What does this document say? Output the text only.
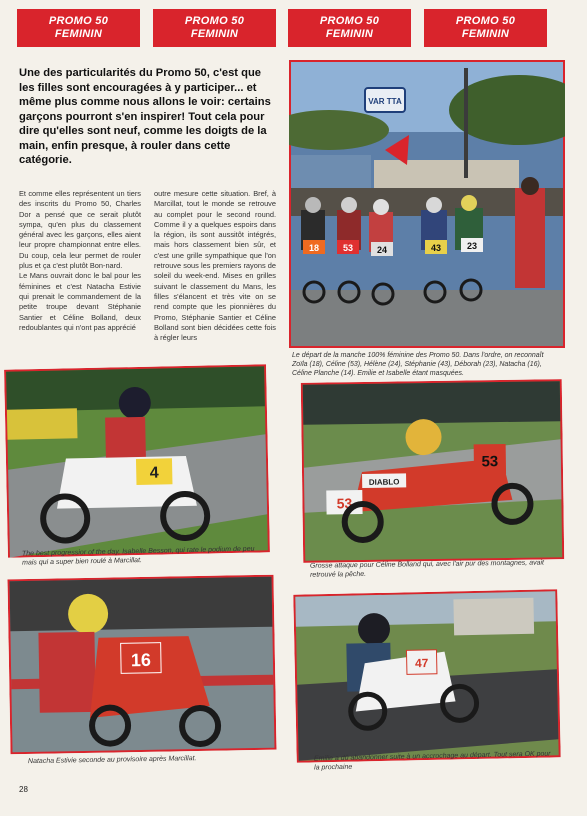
PROMO 50
FEMININ
PROMO 50
FEMININ
PROMO 50
FEMININ
PROMO 50
FEMININ

Une des particularités du Promo 50, c'est que les filles sont encouragées à y participer... et même plus comme nous allons le voir: certains garçons pourront s'en inspirer! Tout cela pour dire qu'elles sont neuf, comme les doigts de la main, enfin presque, à rouler dans cette catégorie.

Et comme elles représentent un tiers des inscrits du Promo 50, Charles Dor a pensé que ce serait plutôt sympa, qu'en plus du classement général avec les garçons, elles aient leur propre championnat entre elles. Du coup, cela leur permet de rouler plus et ça c'est plutôt Bon-nard.
Le Mans ouvrait donc le bal pour les féminines et c'est Natacha Estivie qui prenait le commandement de la petite troupe devant Stéphanie Santier et Céline Bolland, deux redoublantes qui n'ont pas apprécié

outre mesure cette situation. Bref, à Marcillat, tout le monde se retrouve au complet pour le second round. Comme il y a quelques espoirs dans la région, ils sont aussitôt intégrés, mais hors classement bien sûr, et c'est une grille sympathique que l'on retrouve sous les premiers rayons de soleil du week-end. Mises en grilles suivant le classement du Mans, les filles s'élancent et très vite on se rend compte que les pionnières du Promo, Stéphanie Santier et Céline Bolland sont bien décidées cette fois à régler leurs

VAR TTA
18	53	24	43	23

Le départ de la manche 100% féminine des Promo 50. Dans l'ordre, on reconnaît Zoïla (18), Céline (53), Hélène (24), Stéphanie (43), Déborah (23), Natacha (16), Céline Planche (14). Emilie et Isabelle étant masquées.

4

The best progressior of the day, Isabelle Besson, qui rate le podium de peu mais qui a super bien roulé à Marcillat.

DIABLO
53
53

Grosse attaque pour Céline Bolland qui, avec l'air pur des montagnes, avait retrouvé la pêche.

16

Natacha Estivie seconde au provisoire après Marcillat.

47

Emilie a dû abandonner suite à un accrochage au départ. Tout sera OK pour la prochaine

28
